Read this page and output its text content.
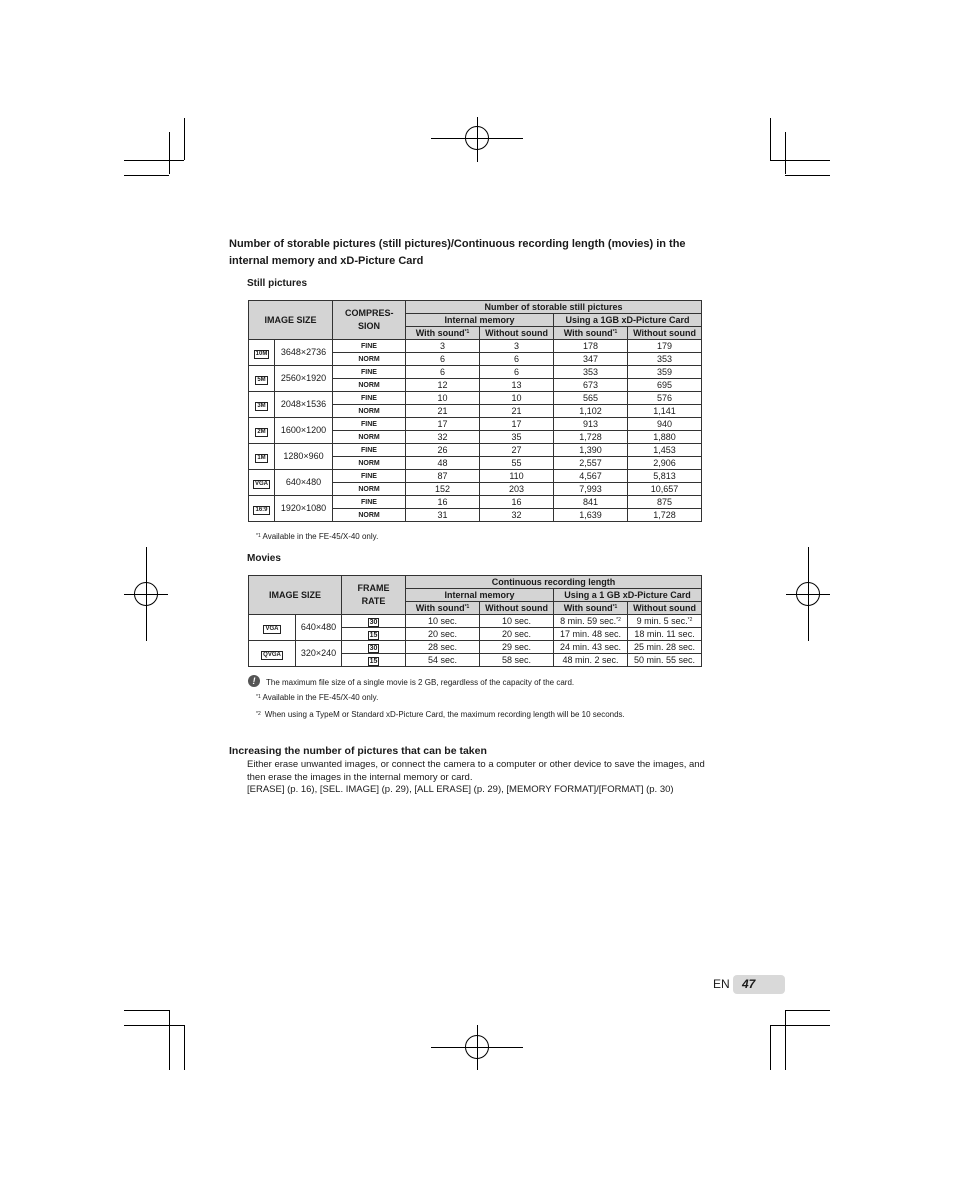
Number of storable pictures (still pictures)/Continuous recording length (movies) in the internal memory and xD-Picture Card
Still pictures
IMAGE SIZE		COMPRES-SION	Number of storable still pictures			
			Internal memory		Using a 1GB xD-Picture Card	
			With sound$^{*1}$	Without sound	With sound$^{*1}$	Without sound
10M	3648×2736	FINE	3	3	178	179
		NORM	6	6	347	353
5M	2560×1920	FINE	6	6	353	359
		NORM	12	13	673	695
3M	2048×1536	FINE	10	10	565	576
		NORM	21	21	1,102	1,141
2M	1600×1200	FINE	17	17	913	940
		NORM	32	35	1,728	1,880
1M	1280×960	FINE	26	27	1,390	1,453
		NORM	48	55	2,557	2,906
VGA	640×480	FINE	87	110	4,567	5,813
		NORM	152	203	7,993	10,657
16:9	1920×1080	FINE	16	16	841	875
		NORM	31	32	1,639	1,728
$^{*1}$ Available in the FE-45/X-40 only.
Movies
IMAGE SIZE		FRAME RATE	Continuous recording length			
			Internal memory		Using a 1 GB xD-Picture Card	
			With sound$^{*1}$	Without sound	With sound$^{*1}$	Without sound
VGA	640×480	30	10 sec.	10 sec.	8 min. 59 sec.$^{*2}$	9 min. 5 sec.$^{*2}$
		15	20 sec.	20 sec.	17 min. 48 sec.	18 min. 11 sec.
QVGA	320×240	30	28 sec.	29 sec.	24 min. 43 sec.	25 min. 28 sec.
		15	54 sec.	58 sec.	48 min. 2 sec.	50 min. 55 sec.
!	The maximum file size of a single movie is 2 GB, regardless of the capacity of the card.
$^{*1}$ Available in the FE-45/X-40 only.
$^{*2}$ When using a TypeM or Standard xD-Picture Card, the maximum recording length will be 10 seconds.
Increasing the number of pictures that can be taken
Either erase unwanted images, or connect the camera to a computer or other device to save the images, and then erase the images in the internal memory or card.
[ERASE] (p. 16), [SEL. IMAGE] (p. 29), [ALL ERASE] (p. 29), [MEMORY FORMAT]/[FORMAT] (p. 30)
EN 47
